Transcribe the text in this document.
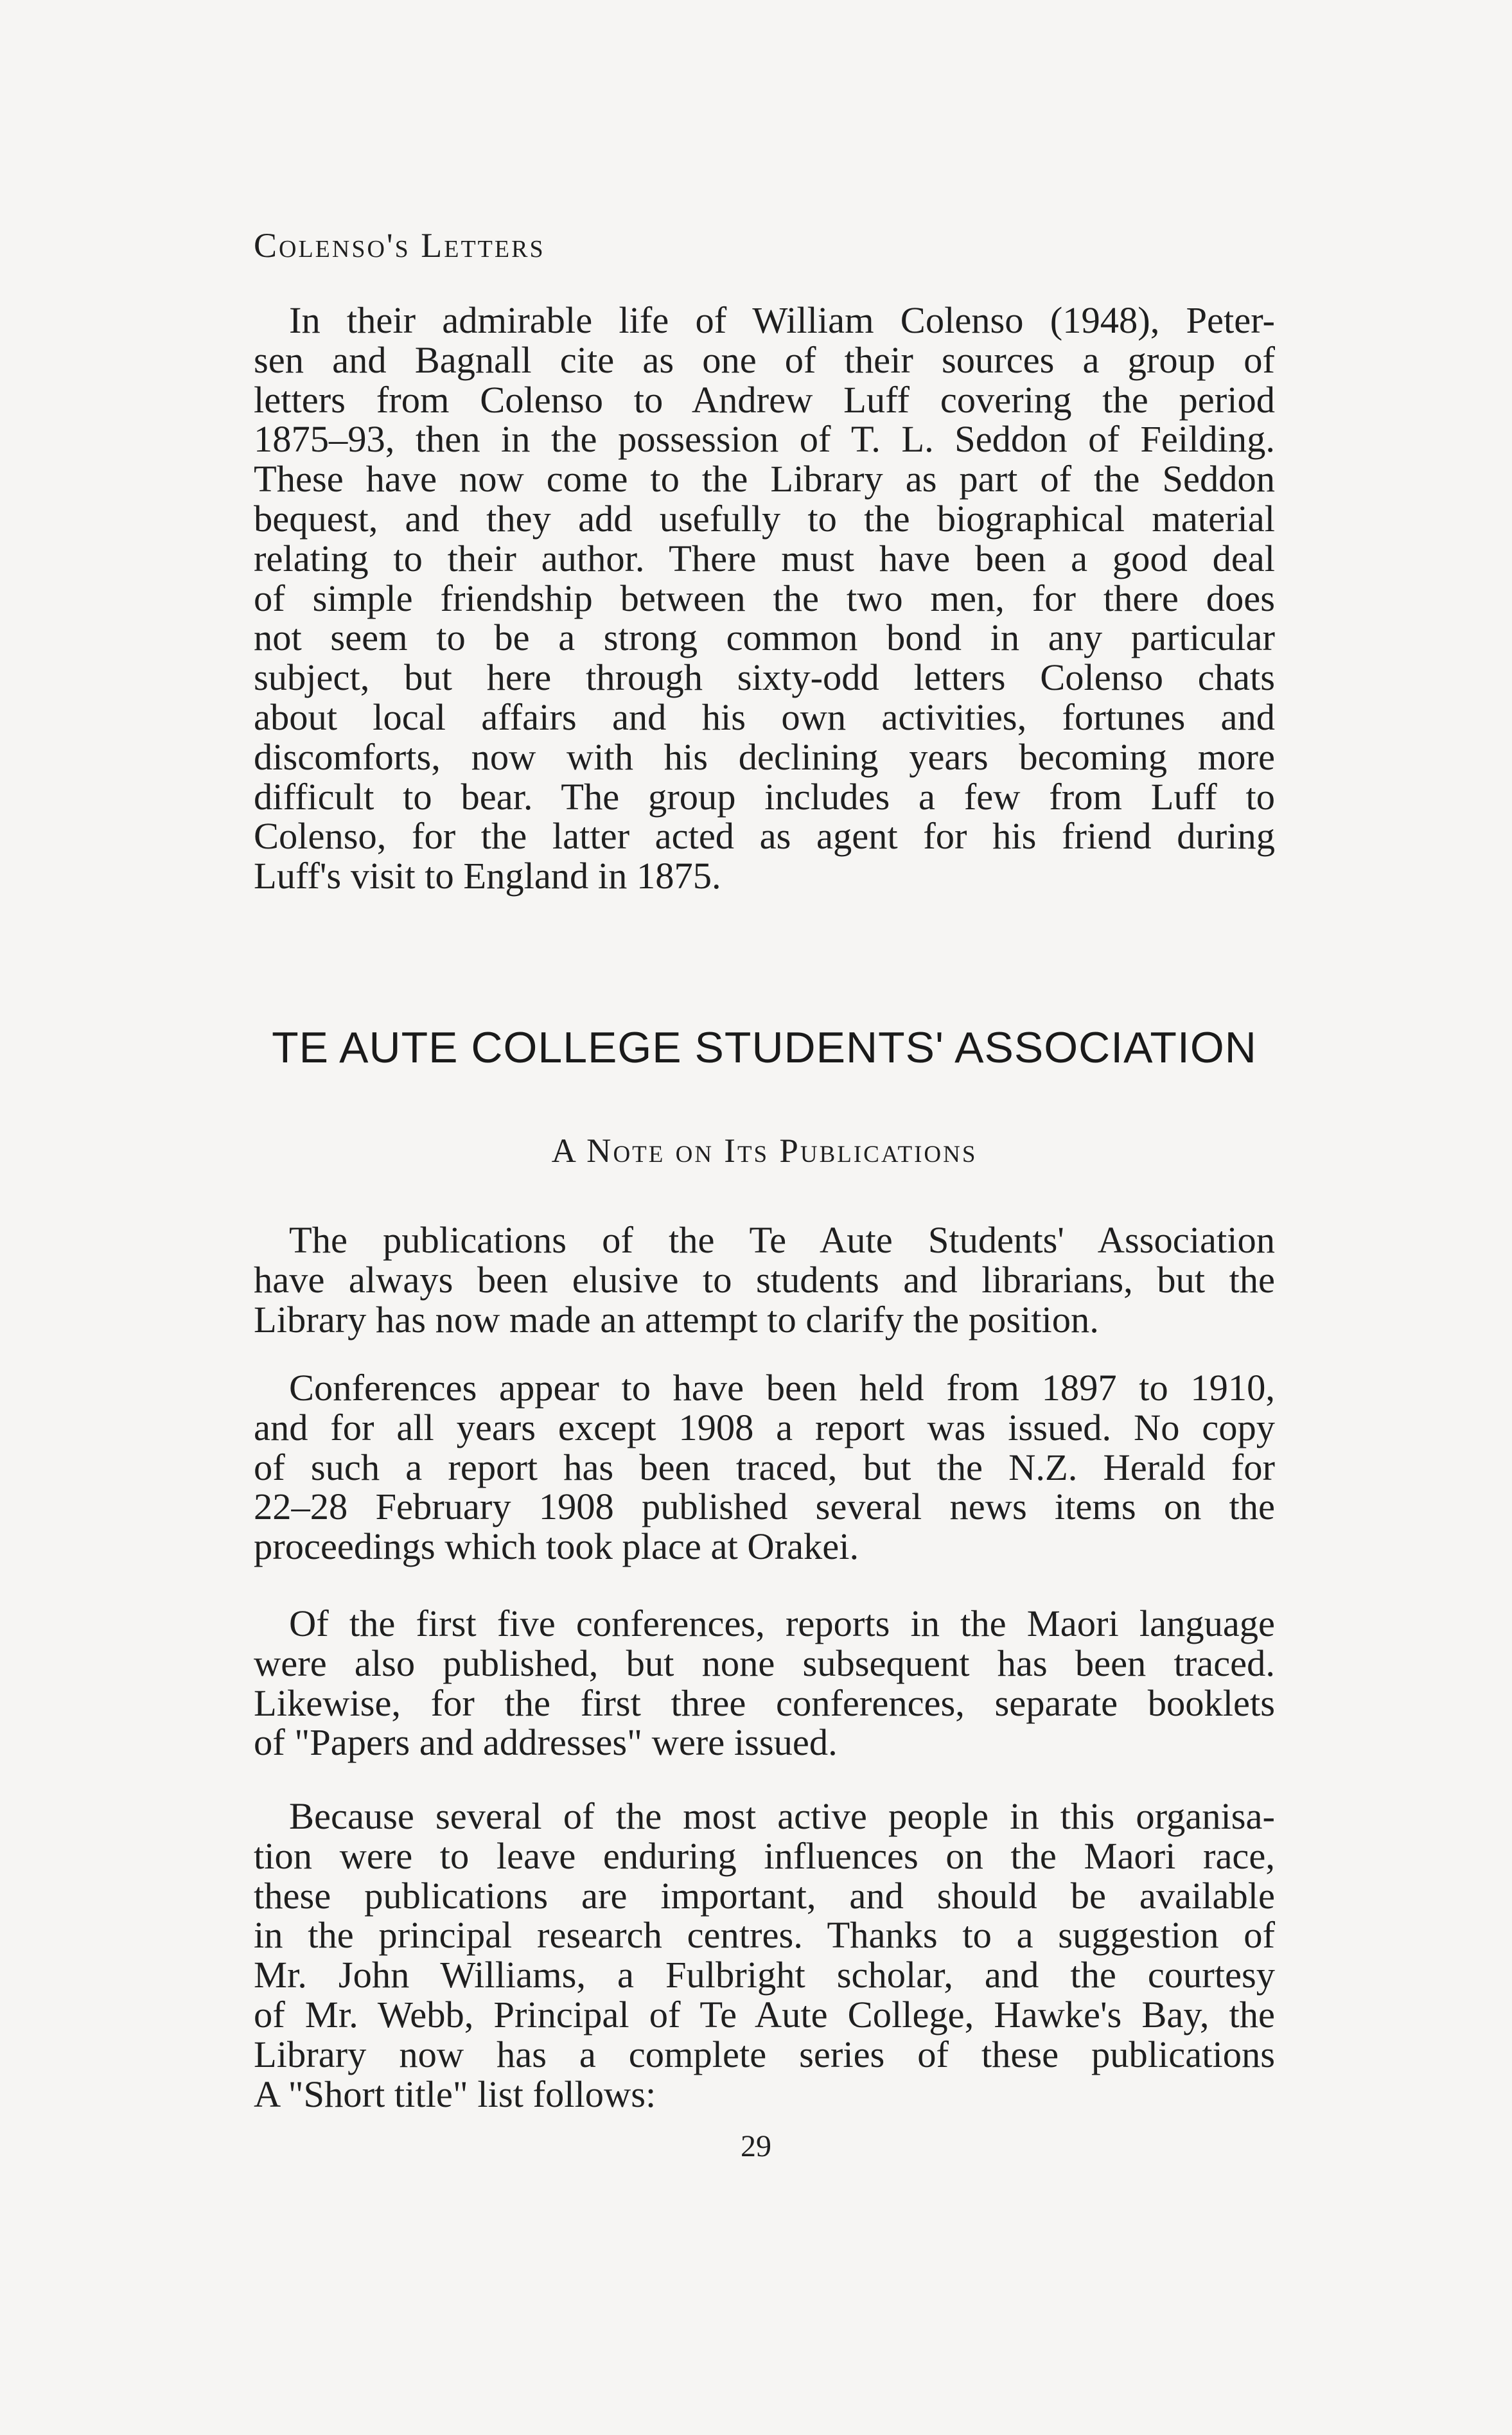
Colenso's Letters
In their admirable life of William Colenso (1948), Peter-
sen and Bagnall cite as one of their sources a group of
letters from Colenso to Andrew Luff covering the period
1875–93, then in the possession of T. L. Seddon of Feilding.
These have now come to the Library as part of the Seddon
bequest, and they add usefully to the biographical material
relating to their author. There must have been a good deal
of simple friendship between the two men, for there does
not seem to be a strong common bond in any particular
subject, but here through sixty-odd letters Colenso chats
about local affairs and his own activities, fortunes and
discomforts, now with his declining years becoming more
difficult to bear. The group includes a few from Luff to
Colenso, for the latter acted as agent for his friend during
Luff's visit to England in 1875.
TE AUTE COLLEGE STUDENTS' ASSOCIATION
A Note on Its Publications
The publications of the Te Aute Students' Association
have always been elusive to students and librarians, but the
Library has now made an attempt to clarify the position.
Conferences appear to have been held from 1897 to 1910,
and for all years except 1908 a report was issued. No copy
of such a report has been traced, but the N.Z. Herald for
22–28 February 1908 published several news items on the
proceedings which took place at Orakei.
Of the first five conferences, reports in the Maori language
were also published, but none subsequent has been traced.
Likewise, for the first three conferences, separate booklets
of "Papers and addresses" were issued.
Because several of the most active people in this organisa-
tion were to leave enduring influences on the Maori race,
these publications are important, and should be available
in the principal research centres. Thanks to a suggestion of
Mr. John Williams, a Fulbright scholar, and the courtesy
of Mr. Webb, Principal of Te Aute College, Hawke's Bay, the
Library now has a complete series of these publications
A "Short title" list follows:
29
